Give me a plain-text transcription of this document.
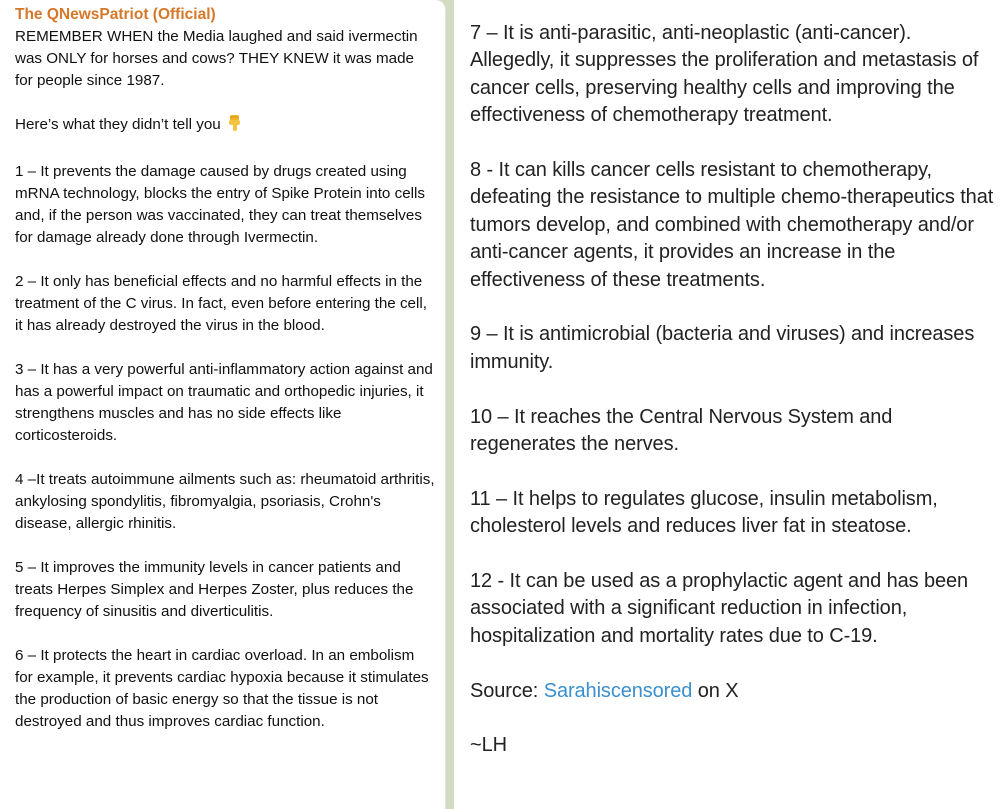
The QNewsPatriot (Official)
REMEMBER WHEN the Media laughed and said ivermectin was ONLY for horses and cows? THEY KNEW it was made for people since 1987.
Here’s what they didn’t tell you
1 – It prevents the damage caused by drugs created using mRNA technology, blocks the entry of Spike Protein into cells and, if the person was vaccinated, they can treat themselves for damage already done through Ivermectin.
2 – It only has beneficial effects and no harmful effects in the treatment of the C virus. In fact, even before entering the cell, it has already destroyed the virus in the blood.
3 – It has a very powerful anti-inflammatory action against and has a powerful impact on traumatic and orthopedic injuries, it strengthens muscles and has no side effects like corticosteroids.
4 –It treats autoimmune ailments such as: rheumatoid arthritis, ankylosing spondylitis, fibromyalgia, psoriasis, Crohn's disease, allergic rhinitis.
5 – It improves the immunity levels in cancer patients and treats Herpes Simplex and Herpes Zoster, plus reduces the frequency of sinusitis and diverticulitis.
6 – It protects the heart in cardiac overload. In an embolism for example, it prevents cardiac hypoxia because it stimulates the production of basic energy so that the tissue is not destroyed and thus improves cardiac function.
7 – It is anti-parasitic, anti-neoplastic (anti-cancer). Allegedly, it suppresses the proliferation and metastasis of cancer cells, preserving healthy cells and improving the effectiveness of chemotherapy treatment.
8 - It can kills cancer cells resistant to chemotherapy, defeating the resistance to multiple chemo-therapeutics that tumors develop, and combined with chemotherapy and/or anti-cancer agents, it provides an increase in the effectiveness of these treatments.
9 – It is antimicrobial (bacteria and viruses) and increases immunity.
10 – It reaches the Central Nervous System and regenerates the nerves.
11 – It helps to regulates glucose, insulin metabolism, cholesterol levels and reduces liver fat in steatose.
12 - It can be used as a prophylactic agent and has been associated with a significant reduction in infection, hospitalization and mortality rates due to C-19.
Source: Sarahiscensored on X
~LH
